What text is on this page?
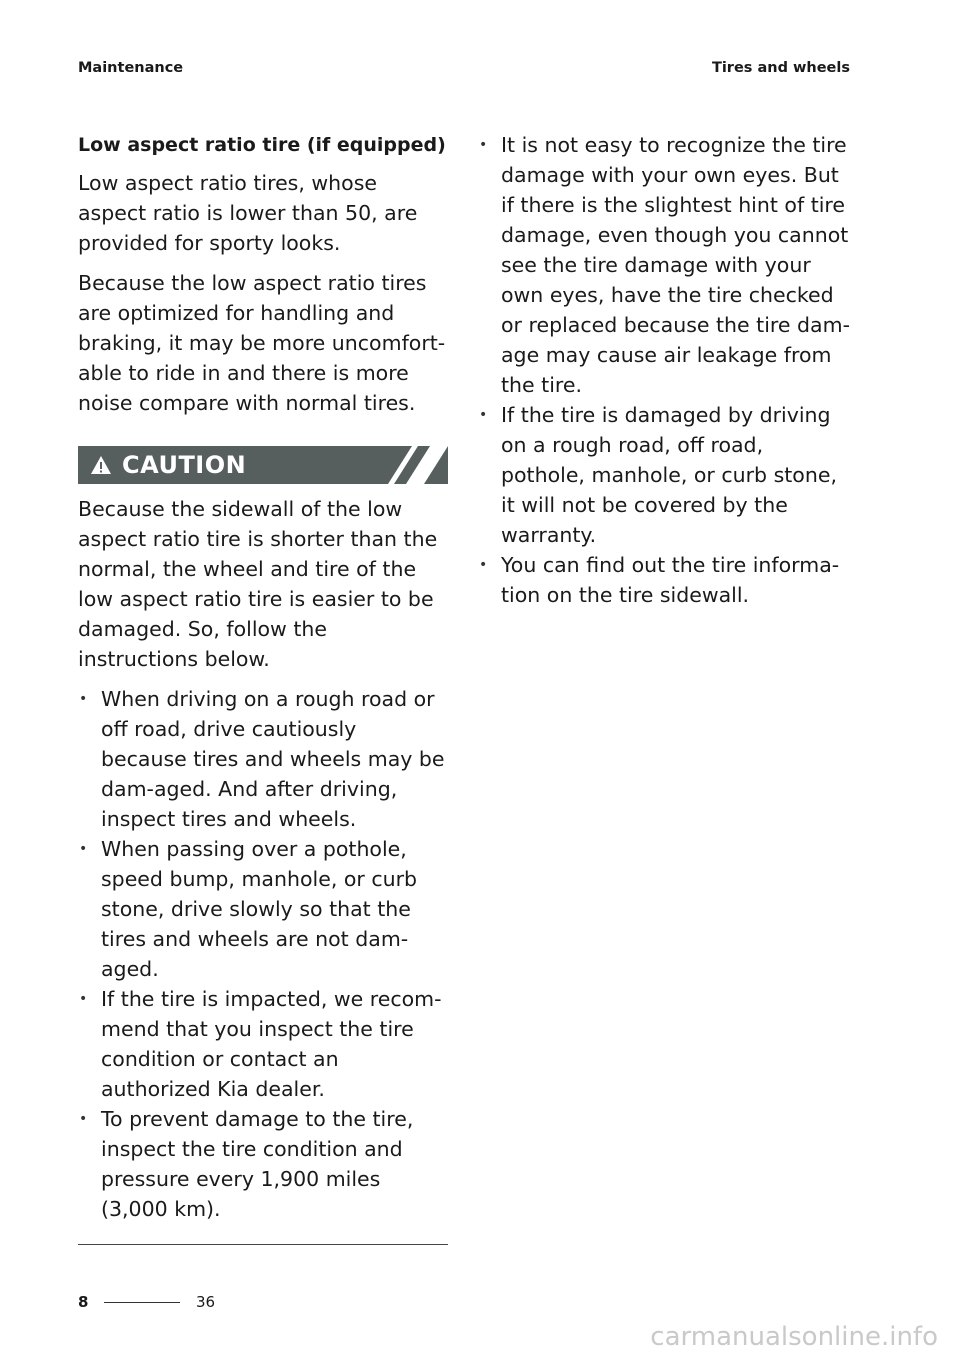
Maintenance	Tires and wheels
Low aspect ratio tire (if equipped)

Low aspect ratio tires, whose aspect ratio is lower than 50, are provided for sporty looks.

Because the low aspect ratio tires are optimized for handling and braking, it may be more uncomfort-able to ride in and there is more noise compare with normal tires.

CAUTION

Because the sidewall of the low aspect ratio tire is shorter than the normal, the wheel and tire of the low aspect ratio tire is easier to be damaged. So, follow the instructions below.

• When driving on a rough road or off road, drive cautiously because tires and wheels may be dam-aged. And after driving, inspect tires and wheels.
• When passing over a pothole, speed bump, manhole, or curb stone, drive slowly so that the tires and wheels are not dam-aged.
• If the tire is impacted, we recom-mend that you inspect the tire condition or contact an authorized Kia dealer.
• To prevent damage to the tire, inspect the tire condition and pressure every 1,900 miles (3,000 km).
• It is not easy to recognize the tire damage with your own eyes. But if there is the slightest hint of tire damage, even though you cannot see the tire damage with your own eyes, have the tire checked or replaced because the tire dam-age may cause air leakage from the tire.
• If the tire is damaged by driving on a rough road, off road, pothole, manhole, or curb stone, it will not be covered by the warranty.
• You can find out the tire informa-tion on the tire sidewall.
8	36
carmanualsonline.info
